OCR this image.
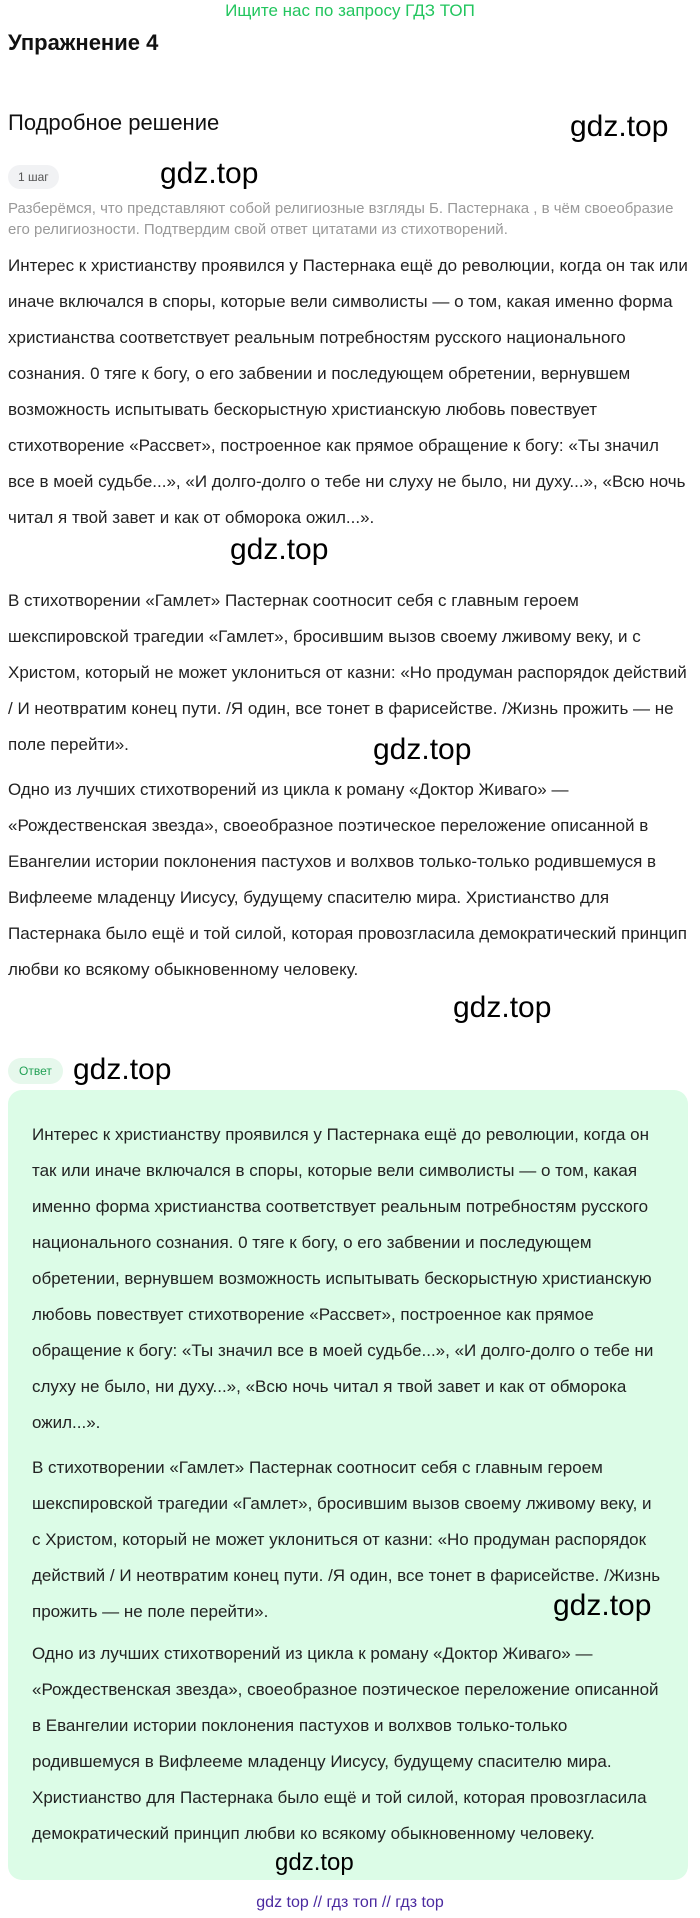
Ищите нас по запросу ГДЗ ТОП
Упражнение 4
Подробное решение	gdz.top
1 шаг	gdz.top
Разберёмся, что представляют собой религиозные взгляды Б. Пастернака , в чём своеобразие его религиозности. Подтвердим свой ответ цитатами из стихотворений.

Интерес к христианству проявился у Пастернака ещё до революции, когда он так или иначе включался в споры, которые вели символисты — о том, какая именно форма христианства соответствует реальным потребностям русского национального сознания. 0 тяге к богу, о его забвении и последующем обретении, вернувшем возможность испытывать бескорыстную христианскую любовь повествует стихотворение «Рассвет», построенное как прямое обращение к богу: «Ты значил все в моей судьбе...», «И долго-долго о тебе ни слуху не было, ни духу...», «Всю ночь читал я твой завет и как от обморока ожил...».

gdz.top

В стихотворении «Гамлет» Пастернак соотносит себя с главным героем шекспировской трагедии «Гамлет», бросившим вызов своему лживому веку, и с Христом, который не может уклониться от казни: «Но продуман распорядок действий / И неотвратим конец пути. /Я один, все тонет в фарисействе. /Жизнь прожить — не поле перейти».	gdz.top

Одно из лучших стихотворений из цикла к роману «Доктор Живаго» — «Рождественская звезда», своеобразное поэтическое переложение описанной в Евангелии истории поклонения пастухов и волхвов только-только родившемуся в Вифлееме младенцу Иисусу, будущему спасителю мира. Христианство для Пастернака было ещё и той силой, которая провозгласила демократический принцип любви ко всякому обыкновенному человеку.

gdz.top
Ответ gdz.top

Интерес к христианству проявился у Пастернака ещё до революции, когда он так или иначе включался в споры, которые вели символисты — о том, какая именно форма христианства соответствует реальным потребностям русского национального сознания. 0 тяге к богу, о его забвении и последующем обретении, вернувшем возможность испытывать бескорыстную христианскую любовь повествует стихотворение «Рассвет», построенное как прямое обращение к богу: «Ты значил все в моей судьбе...», «И долго-долго о тебе ни слуху не было, ни духу...», «Всю ночь читал я твой завет и как от обморока ожил...».

В стихотворении «Гамлет» Пастернак соотносит себя с главным героем шекспировской трагедии «Гамлет», бросившим вызов своему лживому веку, и с Христом, который не может уклониться от казни: «Но продуман распорядок действий / И неотвратим конец пути. /Я один, все тонет в фарисействе. /Жизнь прожить — не поле перейти».	gdz.top

Одно из лучших стихотворений из цикла к роману «Доктор Живаго» — «Рождественская звезда», своеобразное поэтическое переложение описанной в Евангелии истории поклонения пастухов и волхвов только-только родившемуся в Вифлееме младенцу Иисусу, будущему спасителю мира. Христианство для Пастернака было ещё и той силой, которая провозгласила демократический принцип любви ко всякому обыкновенному человеку.

gdz.top
gdz top // гдз топ // гдз top
